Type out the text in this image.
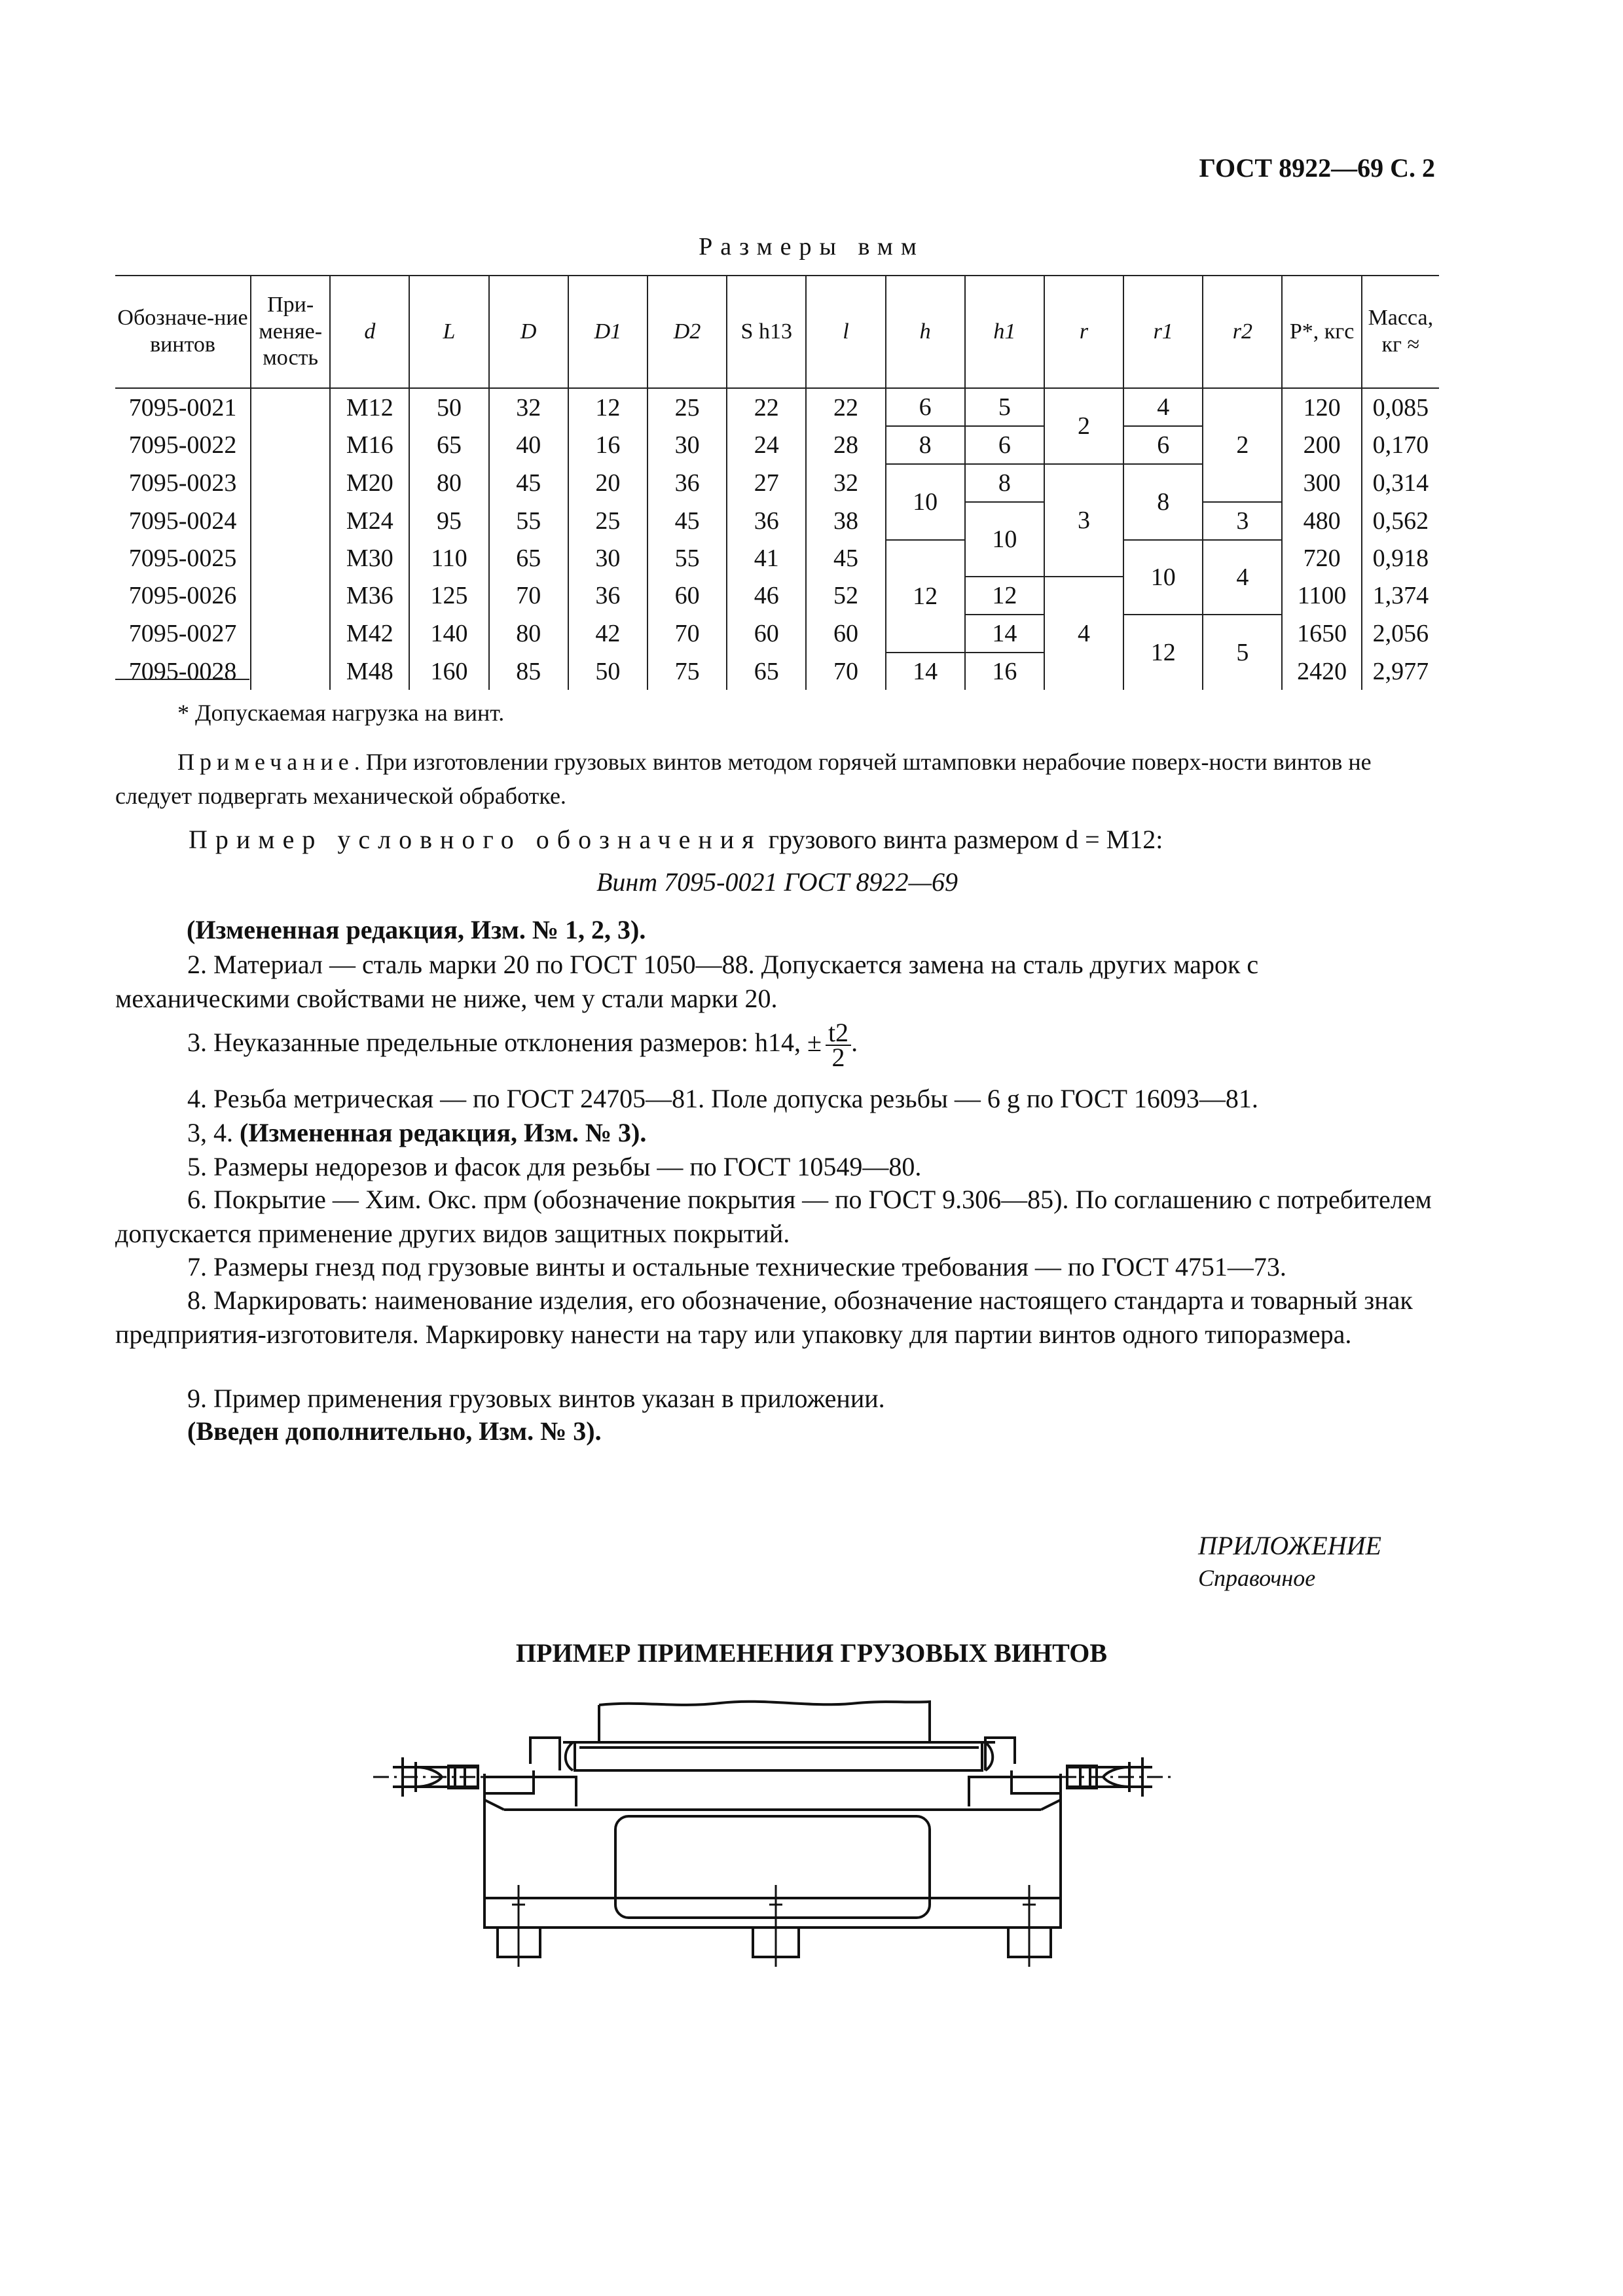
ГОСТ 8922—69 С. 2
Размеры вмм
Обозначе-ние винтов	При-меняе-мость	d	L	D	D1	D2	S h13	l	h	h1	r	r1	r2	P*, кгс	Масса, кг ≈
7095-0021		M12	50	32	12	25	22	22	6	5	2	4	2	120	0,085
7095-0022		M16	65	40	16	30	24	28	8	6		6		200	0,170
7095-0023		M20	80	45	20	36	27	32	10	8	3	8		300	0,314
7095-0024		M24	95	55	25	45	36	38		10			3	480	0,562
7095-0025		M30	110	65	30	55	41	45	12			10	4	720	0,918
7095-0026		M36	125	70	36	60	46	52		12	4			1100	1,374
7095-0027		M42	140	80	42	70	60	60		14		12	5	1650	2,056
7095-0028		M48	160	85	50	75	65	70	14	16				2420	2,977
* Допускаемая нагрузка на винт.
Примечание. При изготовлении грузовых винтов методом горячей штамповки нерабочие поверх-ности винтов не следует подвергать механической обработке.
Пример условного обозначения грузового винта размером d = M12:
Винт 7095-0021 ГОСТ 8922—69
(Измененная редакция, Изм. № 1, 2, 3).
2. Материал — сталь марки 20 по ГОСТ 1050—88. Допускается замена на сталь других марок с механическими свойствами не ниже, чем у стали марки 20.
3. Неуказанные предельные отклонения размеров: h14, ± $\frac{t2}{2}$ .
4. Резьба метрическая — по ГОСТ 24705—81. Поле допуска резьбы — 6 g по ГОСТ 16093—81.
3, 4. (Измененная редакция, Изм. № 3).
5. Размеры недорезов и фасок для резьбы — по ГОСТ 10549—80.
6. Покрытие — Хим. Окс. прм (обозначение покрытия — по ГОСТ 9.306—85). По соглашению с потребителем допускается применение других видов защитных покрытий.
7. Размеры гнезд под грузовые винты и остальные технические требования — по ГОСТ 4751—73.
8. Маркировать: наименование изделия, его обозначение, обозначение настоящего стандарта и товарный знак предприятия-изготовителя. Маркировку нанести на тару или упаковку для партии винтов одного типоразмера.
9. Пример применения грузовых винтов указан в приложении.
(Введен дополнительно, Изм. № 3).
ПРИЛОЖЕНИЕ
Справочное
ПРИМЕР ПРИМЕНЕНИЯ ГРУЗОВЫХ ВИНТОВ
